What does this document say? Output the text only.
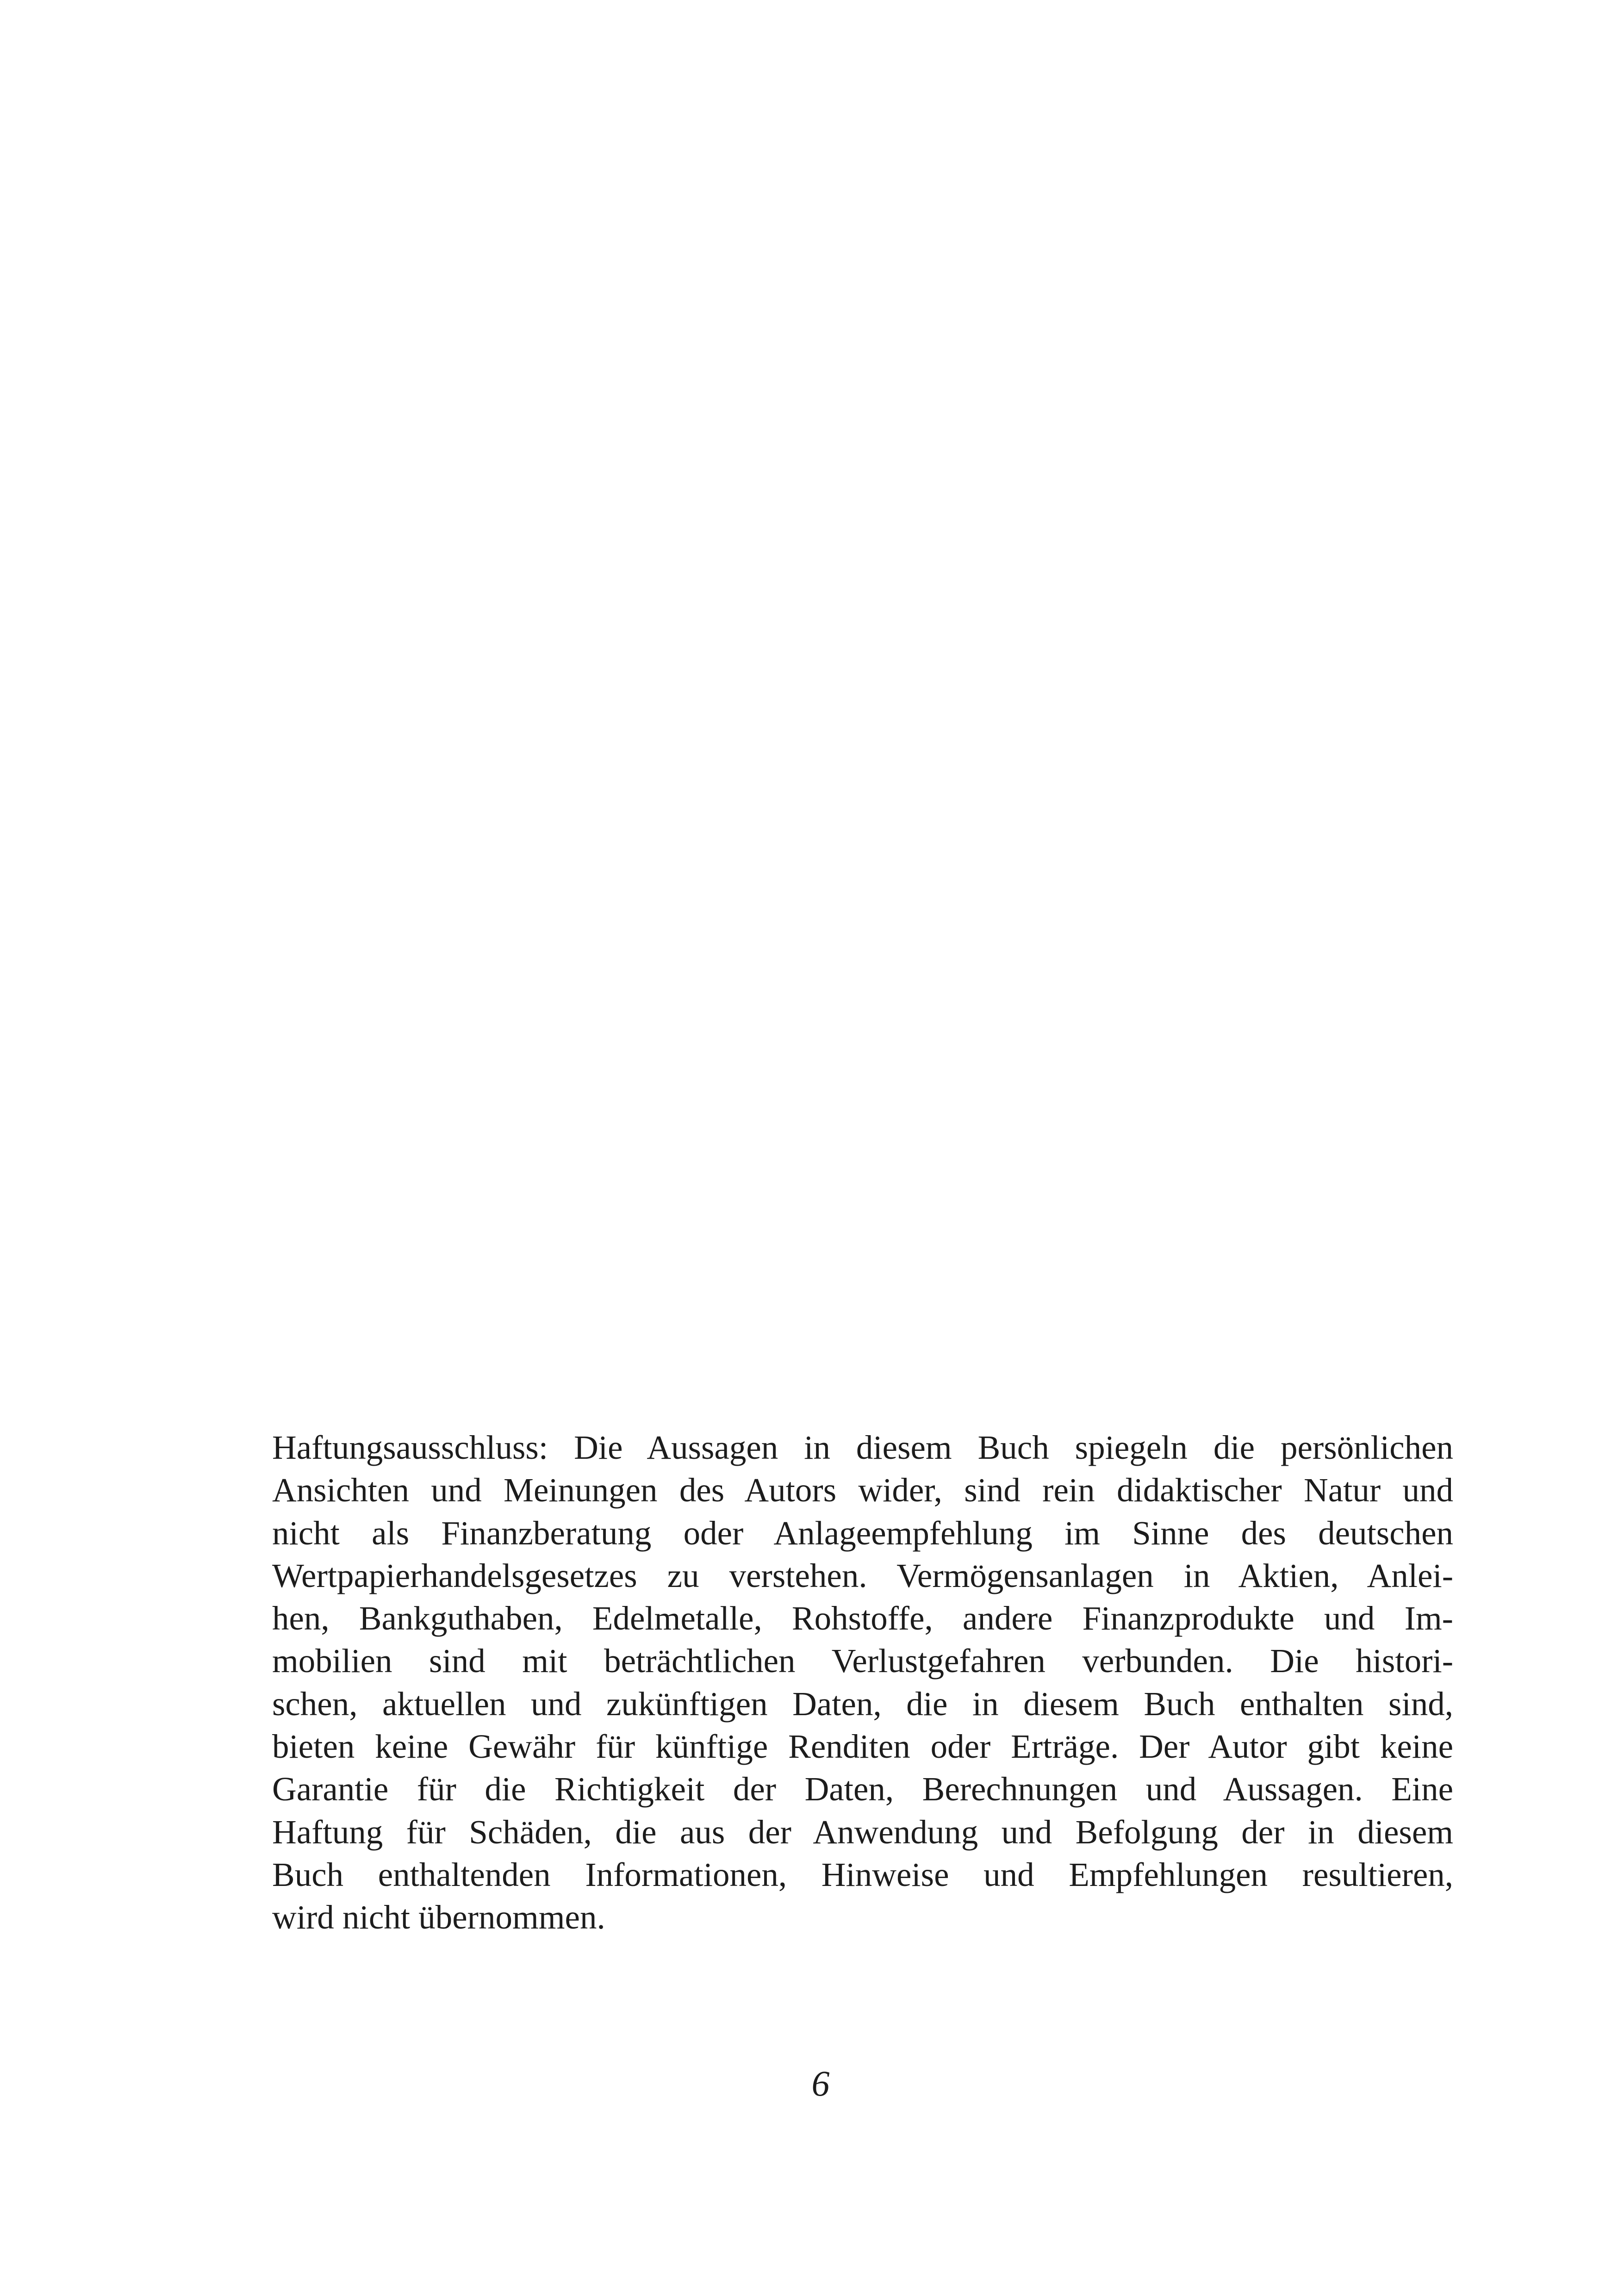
Haftungsausschluss: Die Aussagen in diesem Buch spiegeln die persönlichen
Ansichten und Meinungen des Autors wider, sind rein didaktischer Natur und
nicht als Finanzberatung oder Anlageempfehlung im Sinne des deutschen
Wertpapierhandelsgesetzes zu verstehen. Vermögensanlagen in Aktien, Anlei-
hen, Bankguthaben, Edelmetalle, Rohstoffe, andere Finanzprodukte und Im-
mobilien sind mit beträchtlichen Verlustgefahren verbunden. Die histori-
schen, aktuellen und zukünftigen Daten, die in diesem Buch enthalten sind,
bieten keine Gewähr für künftige Renditen oder Erträge. Der Autor gibt keine
Garantie für die Richtigkeit der Daten, Berechnungen und Aussagen. Eine
Haftung für Schäden, die aus der Anwendung und Befolgung der in diesem
Buch enthaltenden Informationen, Hinweise und Empfehlungen resultieren,
wird nicht übernommen.
6
